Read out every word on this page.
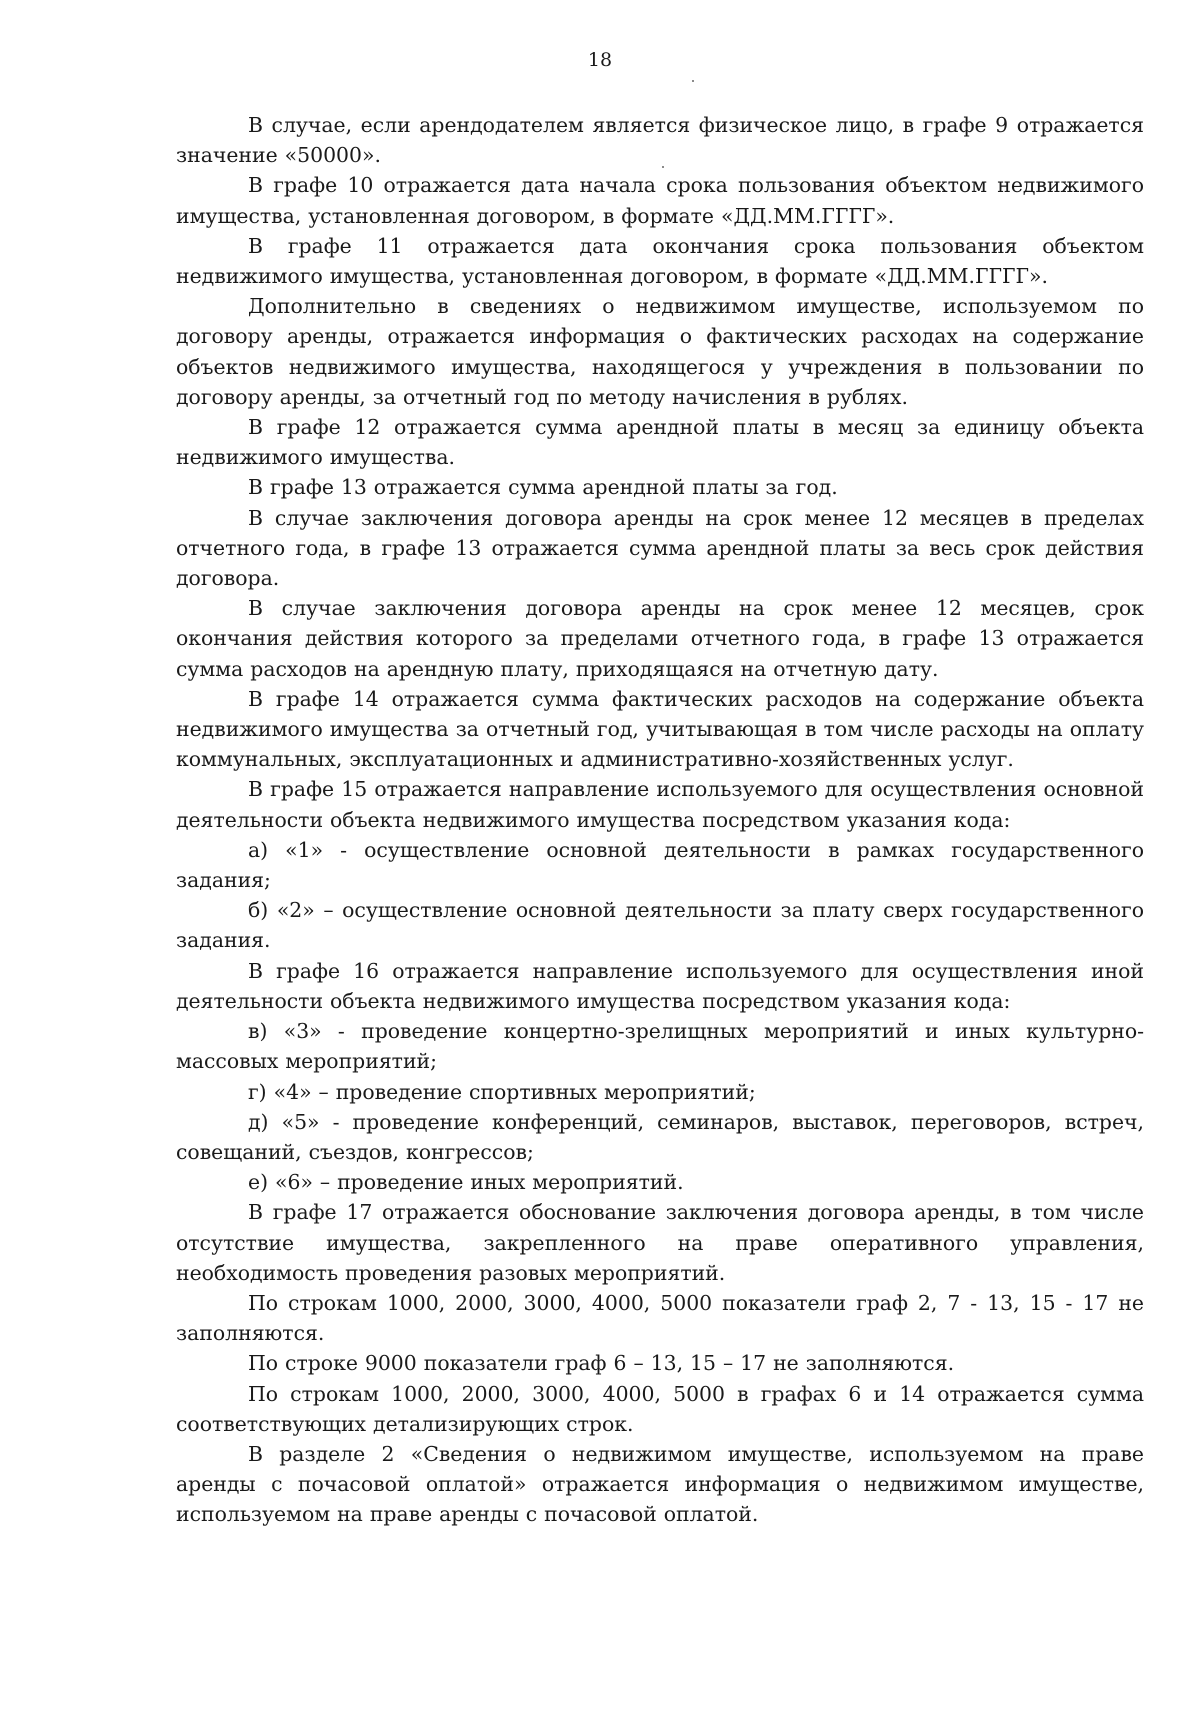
18

В случае, если арендодателем является физическое лицо, в графе 9 отражается значение «50000».

В графе 10 отражается дата начала срока пользования объектом недвижимого имущества, установленная договором, в формате «ДД.ММ.ГГГГ».

В графе 11 отражается дата окончания срока пользования объектом недвижимого имущества, установленная договором, в формате «ДД.ММ.ГГГГ».

Дополнительно в сведениях о недвижимом имуществе, используемом по договору аренды, отражается информация о фактических расходах на содержание объектов недвижимого имущества, находящегося у учреждения в пользовании по договору аренды, за отчетный год по методу начисления в рублях.

В графе 12 отражается сумма арендной платы в месяц за единицу объекта недвижимого имущества.

В графе 13 отражается сумма арендной платы за год.

В случае заключения договора аренды на срок менее 12 месяцев в пределах отчетного года, в графе 13 отражается сумма арендной платы за весь срок действия договора.

В случае заключения договора аренды на срок менее 12 месяцев, срок окончания действия которого за пределами отчетного года, в графе 13 отражается сумма расходов на арендную плату, приходящаяся на отчетную дату.

В графе 14 отражается сумма фактических расходов на содержание объекта недвижимого имущества за отчетный год, учитывающая в том числе расходы на оплату коммунальных, эксплуатационных и административно-хозяйственных услуг.

В графе 15 отражается направление используемого для осуществления основной деятельности объекта недвижимого имущества посредством указания кода:

а) «1» - осуществление основной деятельности в рамках государственного задания;

б) «2» – осуществление основной деятельности за плату сверх государственного задания.

В графе 16 отражается направление используемого для осуществления иной деятельности объекта недвижимого имущества посредством указания кода:

в) «3» - проведение концертно-зрелищных мероприятий и иных культурно-массовых мероприятий;

г) «4» – проведение спортивных мероприятий;

д) «5» - проведение конференций, семинаров, выставок, переговоров, встреч, совещаний, съездов, конгрессов;

е) «6» – проведение иных мероприятий.

В графе 17 отражается обоснование заключения договора аренды, в том числе отсутствие имущества, закрепленного на праве оперативного управления, необходимость проведения разовых мероприятий.

По строкам 1000, 2000, 3000, 4000, 5000 показатели граф 2, 7 - 13, 15 - 17 не заполняются.

По строке 9000 показатели граф 6 – 13, 15 – 17 не заполняются.

По строкам 1000, 2000, 3000, 4000, 5000 в графах 6 и 14 отражается сумма соответствующих детализирующих строк.

В разделе 2 «Сведения о недвижимом имуществе, используемом на праве аренды с почасовой оплатой» отражается информация о недвижимом имуществе, используемом на праве аренды с почасовой оплатой.
